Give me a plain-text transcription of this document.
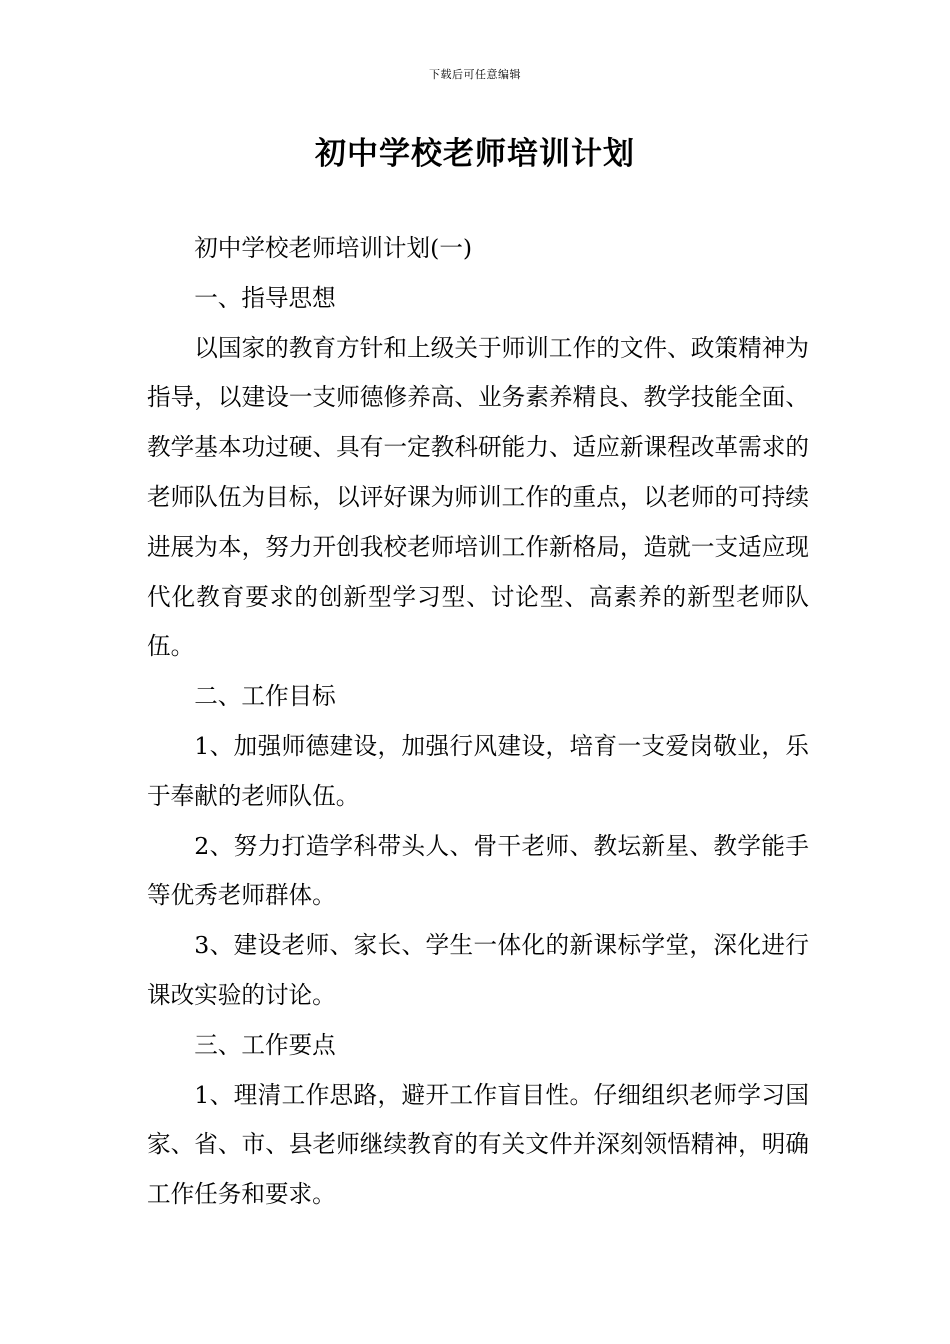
下载后可任意编辑
初中学校老师培训计划

初中学校老师培训计划(一)

一、指导思想

以国家的教育方针和上级关于师训工作的文件、政策精神为指导，以建设一支师德修养高、业务素养精良、教学技能全面、教学基本功过硬、具有一定教科研能力、适应新课程改革需求的老师队伍为目标，以评好课为师训工作的重点，以老师的可持续进展为本，努力开创我校老师培训工作新格局，造就一支适应现代化教育要求的创新型学习型、讨论型、高素养的新型老师队伍。

二、工作目标

1、加强师德建设，加强行风建设，培育一支爱岗敬业，乐于奉献的老师队伍。

2、努力打造学科带头人、骨干老师、教坛新星、教学能手等优秀老师群体。

3、建设老师、家长、学生一体化的新课标学堂，深化进行课改实验的讨论。

三、工作要点

1、理清工作思路，避开工作盲目性。仔细组织老师学习国家、省、市、县老师继续教育的有关文件并深刻领悟精神，明确工作任务和要求。
